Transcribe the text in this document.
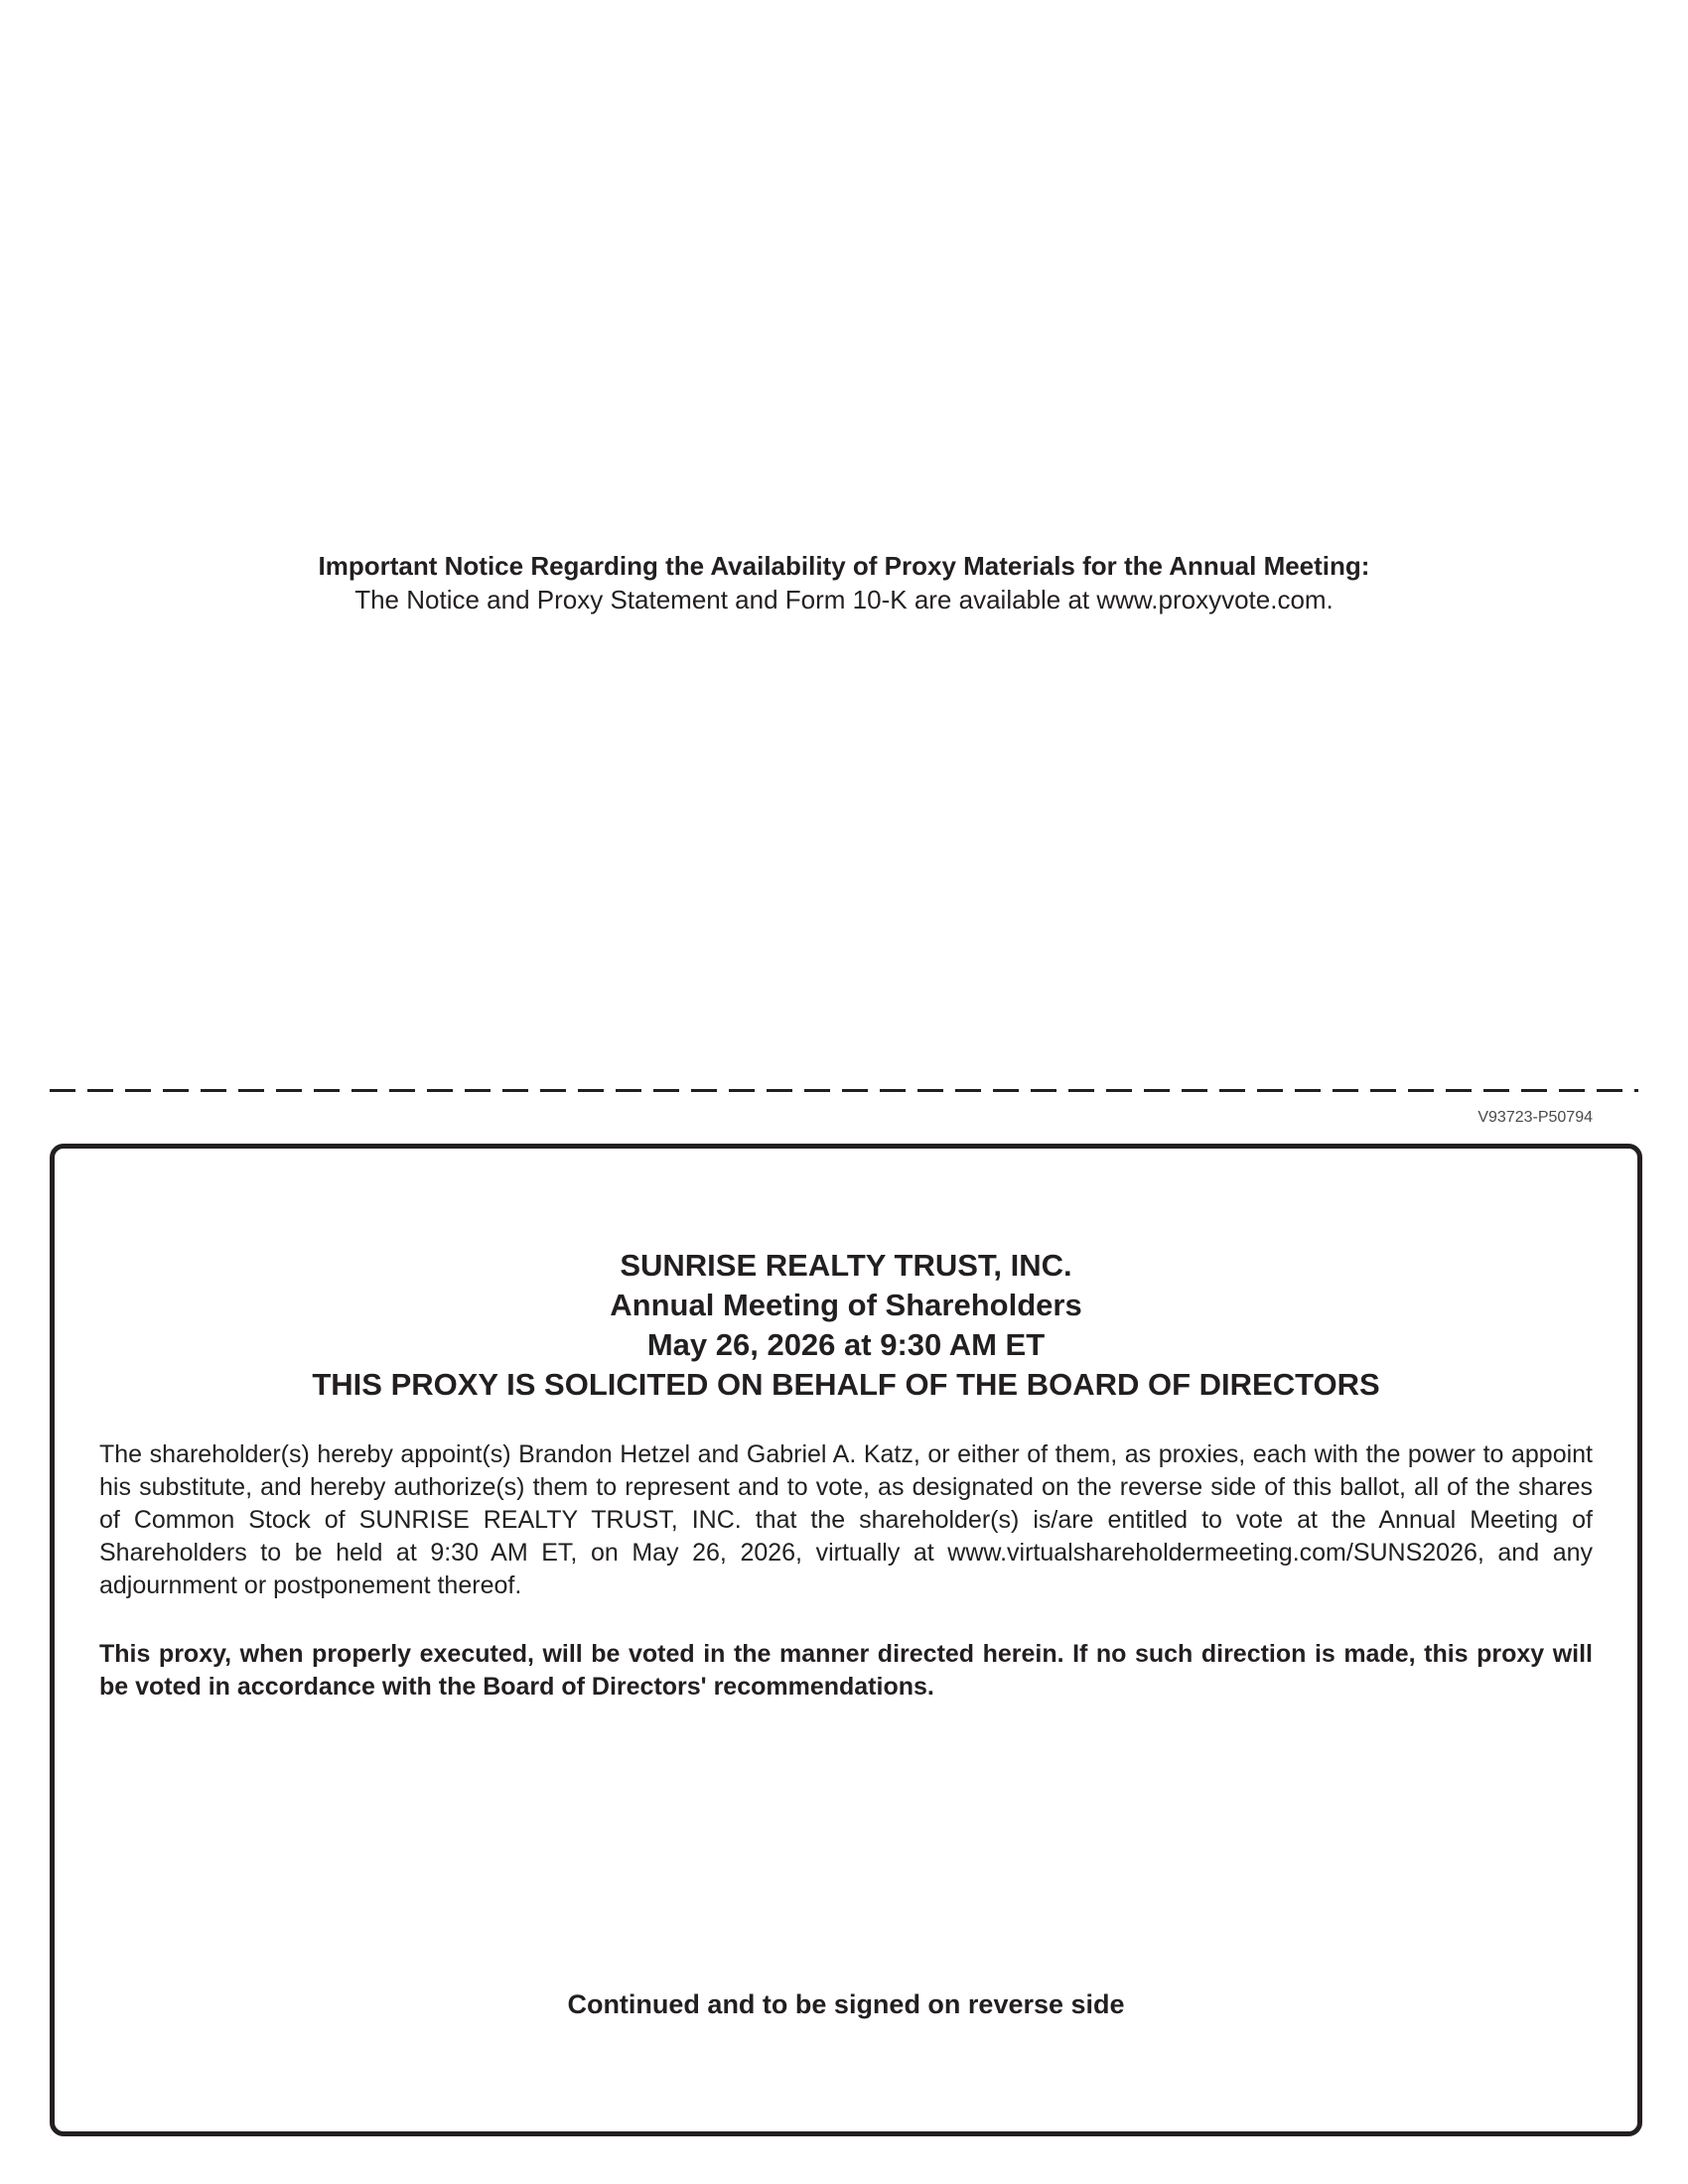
Important Notice Regarding the Availability of Proxy Materials for the Annual Meeting:
The Notice and Proxy Statement and Form 10-K are available at www.proxyvote.com.
V93723-P50794
SUNRISE REALTY TRUST, INC.
Annual Meeting of Shareholders
May 26, 2026 at 9:30 AM ET
THIS PROXY IS SOLICITED ON BEHALF OF THE BOARD OF DIRECTORS

The shareholder(s) hereby appoint(s) Brandon Hetzel and Gabriel A. Katz, or either of them, as proxies, each with the power to appoint his substitute, and hereby authorize(s) them to represent and to vote, as designated on the reverse side of this ballot, all of the shares of Common Stock of SUNRISE REALTY TRUST, INC. that the shareholder(s) is/are entitled to vote at the Annual Meeting of Shareholders to be held at 9:30 AM ET, on May 26, 2026, virtually at www.virtualshareholdermeeting.com/SUNS2026, and any adjournment or postponement thereof.

This proxy, when properly executed, will be voted in the manner directed herein. If no such direction is made, this proxy will be voted in accordance with the Board of Directors' recommendations.

Continued and to be signed on reverse side
